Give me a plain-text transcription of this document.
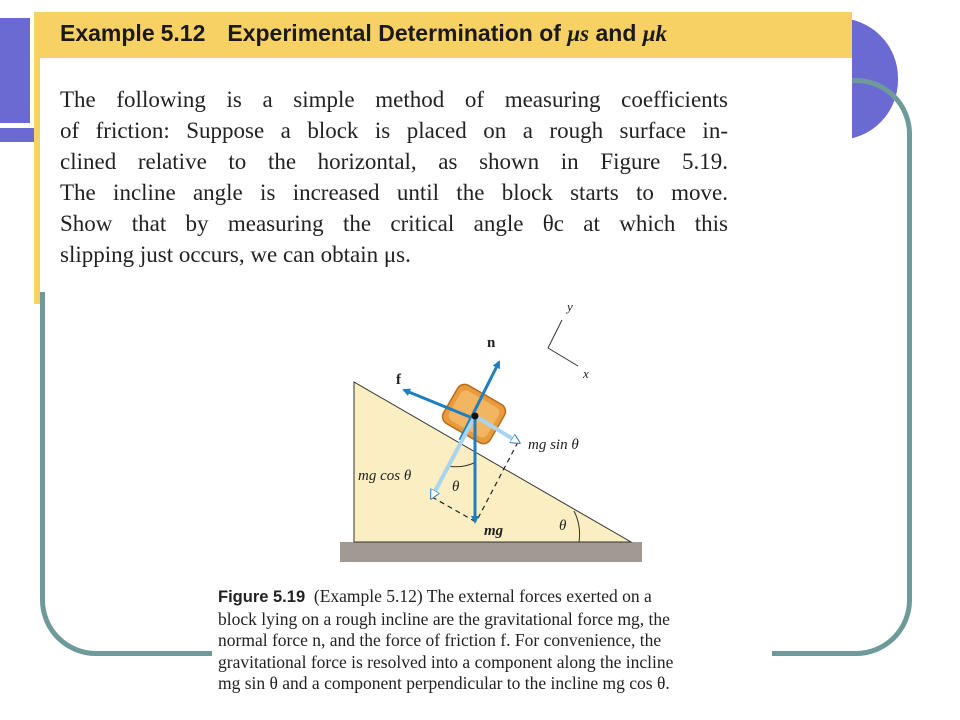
Example 5.12 Experimental Determination of μs and μk
The following is a simple method of measuring coefficients
of friction: Suppose a block is placed on a rough surface in-
clined relative to the horizontal, as shown in Figure 5.19.
The incline angle is increased until the block starts to move.
Show that by measuring the critical angle θc at which this
slipping just occurs, we can obtain μs.
n
f
mg
mg sin θ
mg cos θ
θ
θ
x
y
Figure 5.19 (Example 5.12) The external forces exerted on a
block lying on a rough incline are the gravitational force mg, the
normal force n, and the force of friction f. For convenience, the
gravitational force is resolved into a component along the incline
mg sin θ and a component perpendicular to the incline mg cos θ.
